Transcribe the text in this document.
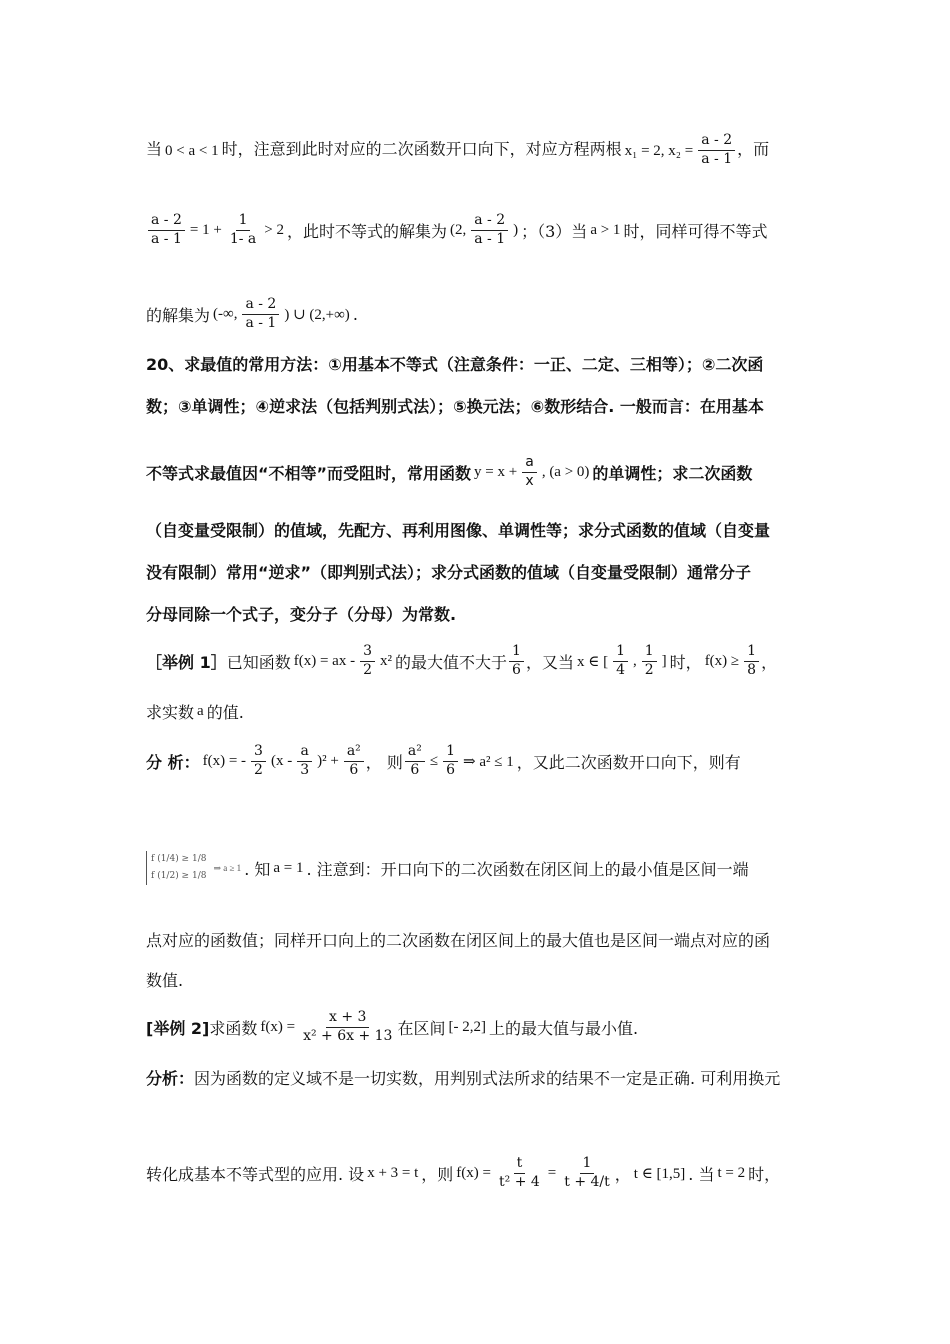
当 0 < a < 1 时，注意到此时对应的二次函数开口向下，对应方程两根 x₁ = 2, $x_2 = \frac{a - 2}{a - 1}$ ，而
$\frac{a - 2}{a - 1} = 1 + \frac{1}{1- a} > 2$ ，此时不等式的解集为 (2, $\frac{a - 2}{a - 1}$ ) ；（3）当 a > 1 时，同样可得不等式
的解集为 (-∞, $\frac{a - 2}{a - 1}$ ) ∪ (2,+∞) .
20、求最值的常用方法：①用基本不等式（注意条件：一正、二定、三相等）；②二次函
数；③单调性；④逆求法（包括判别式法）；⑤换元法；⑥数形结合. 一般而言：在用基本
不等式求最值因“不相等”而受阻时，常用函数 $y = x + \frac{a}{x}$ , (a > 0) 的单调性；求二次函数
（自变量受限制）的值域，先配方、再利用图像、单调性等；求分式函数的值域（自变量
没有限制）常用“逆求”（即判别式法）；求分式函数的值域（自变量受限制）通常分子
分母同除一个式子，变分子（分母）为常数.
［举例 1］ 已知函数 f(x) = ax - $\frac{3}{2} x^2$ 的最大值不大于 $\frac{1}{6}$ ，又当 x ∈ [ $\frac{1}{4}$ , $\frac{1}{2}$ ] 时， $f(x) \ge \frac{1}{8}$ ，
求实数 a 的值.
分 析： f(x) = - $\frac{3}{2} (x - \frac{a}{3} )^2 + \frac{\text{a²}}{6}$ ， 则 $\frac{\text{a²}}{6} \le \frac{1}{6}$ ⇒ a² ≤ 1 ，又此二次函数开口向下，则有
f (1/4) ≥ 1/8
f (1/2) ≥ 1/8
⇒ a ≥ 1 . 知 a = 1 . 注意到：开口向下的二次函数在闭区间上的最小值是区间一端
点对应的函数值；同样开口向上的二次函数在闭区间上的最大值也是区间一端点对应的函
数值.
[举例 2] 求函数 $f(x) = \frac{x + 3}{\text{x² + 6x + 13}}$ 在区间 [- 2,2] 上的最大值与最小值.
分析： 因为函数的定义域不是一切实数，用判别式法所求的结果不一定是正确. 可利用换元
转化成基本不等式型的应用. 设 x + 3 = t ，则 $f(x) = \frac{t}{\text{t² + 4}} = \frac{1}{t + 4/t}$ ， t ∈ [1,5] . 当 t = 2 时，
